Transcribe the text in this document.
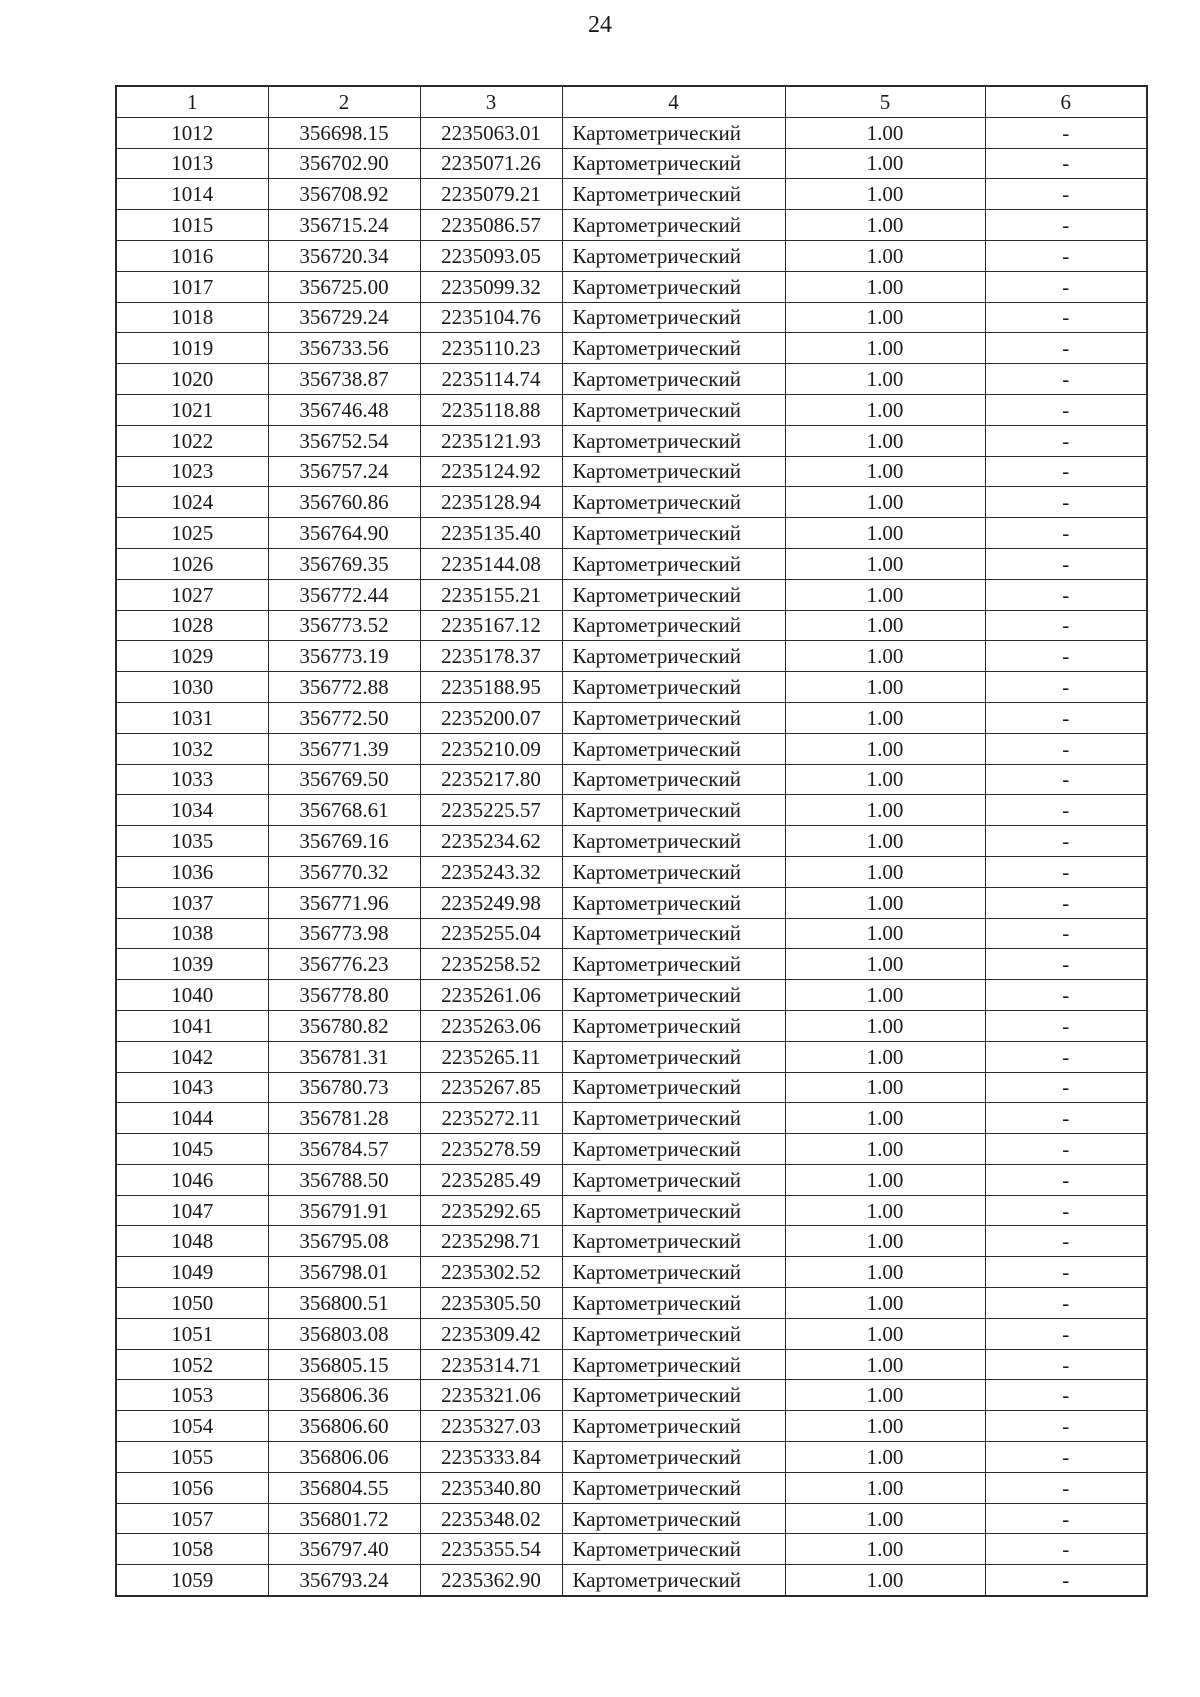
24
1	2	3	4	5	6
1012	356698.15	2235063.01	Картометрический	1.00	-
1013	356702.90	2235071.26	Картометрический	1.00	-
1014	356708.92	2235079.21	Картометрический	1.00	-
1015	356715.24	2235086.57	Картометрический	1.00	-
1016	356720.34	2235093.05	Картометрический	1.00	-
1017	356725.00	2235099.32	Картометрический	1.00	-
1018	356729.24	2235104.76	Картометрический	1.00	-
1019	356733.56	2235110.23	Картометрический	1.00	-
1020	356738.87	2235114.74	Картометрический	1.00	-
1021	356746.48	2235118.88	Картометрический	1.00	-
1022	356752.54	2235121.93	Картометрический	1.00	-
1023	356757.24	2235124.92	Картометрический	1.00	-
1024	356760.86	2235128.94	Картометрический	1.00	-
1025	356764.90	2235135.40	Картометрический	1.00	-
1026	356769.35	2235144.08	Картометрический	1.00	-
1027	356772.44	2235155.21	Картометрический	1.00	-
1028	356773.52	2235167.12	Картометрический	1.00	-
1029	356773.19	2235178.37	Картометрический	1.00	-
1030	356772.88	2235188.95	Картометрический	1.00	-
1031	356772.50	2235200.07	Картометрический	1.00	-
1032	356771.39	2235210.09	Картометрический	1.00	-
1033	356769.50	2235217.80	Картометрический	1.00	-
1034	356768.61	2235225.57	Картометрический	1.00	-
1035	356769.16	2235234.62	Картометрический	1.00	-
1036	356770.32	2235243.32	Картометрический	1.00	-
1037	356771.96	2235249.98	Картометрический	1.00	-
1038	356773.98	2235255.04	Картометрический	1.00	-
1039	356776.23	2235258.52	Картометрический	1.00	-
1040	356778.80	2235261.06	Картометрический	1.00	-
1041	356780.82	2235263.06	Картометрический	1.00	-
1042	356781.31	2235265.11	Картометрический	1.00	-
1043	356780.73	2235267.85	Картометрический	1.00	-
1044	356781.28	2235272.11	Картометрический	1.00	-
1045	356784.57	2235278.59	Картометрический	1.00	-
1046	356788.50	2235285.49	Картометрический	1.00	-
1047	356791.91	2235292.65	Картометрический	1.00	-
1048	356795.08	2235298.71	Картометрический	1.00	-
1049	356798.01	2235302.52	Картометрический	1.00	-
1050	356800.51	2235305.50	Картометрический	1.00	-
1051	356803.08	2235309.42	Картометрический	1.00	-
1052	356805.15	2235314.71	Картометрический	1.00	-
1053	356806.36	2235321.06	Картометрический	1.00	-
1054	356806.60	2235327.03	Картометрический	1.00	-
1055	356806.06	2235333.84	Картометрический	1.00	-
1056	356804.55	2235340.80	Картометрический	1.00	-
1057	356801.72	2235348.02	Картометрический	1.00	-
1058	356797.40	2235355.54	Картометрический	1.00	-
1059	356793.24	2235362.90	Картометрический	1.00	-
